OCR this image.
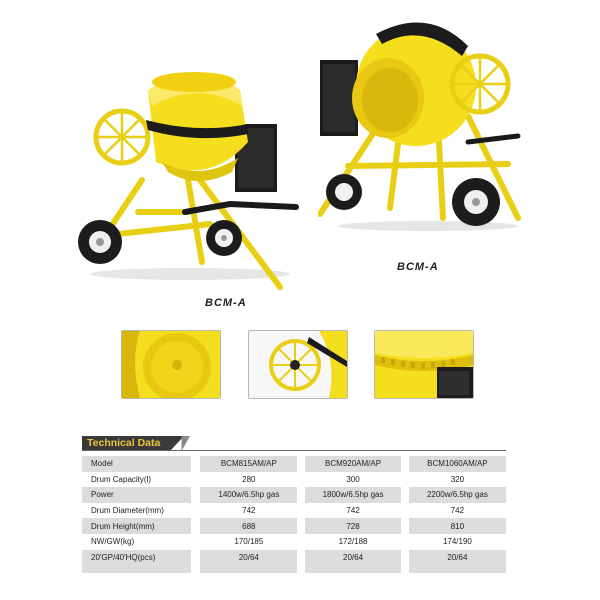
BCM-A
BCM-A
Technical Data
Model		BCM815AM/AP		BCM920AM/AP		BCM1060AM/AP
Drum Capacity(l)		280		300		320
Power		1400w/6.5hp gas		1800w/6.5hp gas		2200w/6.5hp gas
Drum Diameter(mm)		742		742		742
Drum Height(mm)		688		728		810
NW/GW(kg)		170/185		172/188		174/190
20'GP/40'HQ(pcs)		20/64		20/64		20/64
